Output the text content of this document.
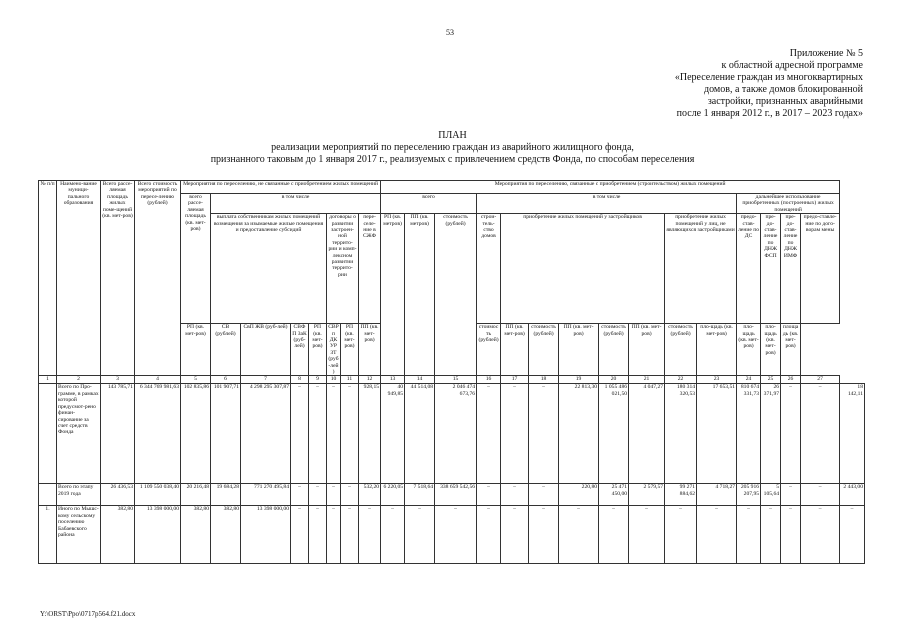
53
Приложение № 5
к областной адресной программе
«Переселение граждан из многоквартирных
домов, а также домов блокированной
застройки, признанных аварийными
после 1 января 2012 г., в 2017 – 2023 годах»
ПЛАН
реализации мероприятий по переселению граждан из аварийного жилищного фонда,
признанного таковым до 1 января 2017 г., реализуемых с привлечением средств Фонда, по способам переселения
№ п/п	Наимено-вание муници-пального образования	Всего рассе-ляемая площадь жилых поме-щений (кв. мет-ров)	Всего стоимость мероприятий по пересе-лению (рублей)	Мероприятия по переселению, не связанные с приобретением жилых помещений								Мероприятия по переселению, связанные с приобретением (строительством) жилых помещений															
				всего рассе-ляемая площадь (кв. мет-ров)	в том числе							всего			в том числе								дальнейшее использование приобретенных (построенных) жилых помещений				
					выплата собственникам жилых помещений возмещения за изымаемые жилые помещения и предоставление субсидий				договоры о развитии застроен-ной террито-рии и комп-лексном развитии террито-рии		пере-селе-ние в СЖФ	РП (кв. метров)	ПП (кв. метров)	стоимость (рублей)	строи-тель-ство домов	приобретение жилых помещений у застройщиков					приобретение жилых помещений у лиц, не являющихся застройщиками		предо-став-ление по ДС	пре-до-став-ление по ДНЖ ФСП	пре-до-став-ление по ДНЖ ИМФ	предо-ставле-ние по дого-ворам мены	

				РП (кв. мет-ров)	СВ (рублей)	СвП ЖВ (руб-лей)	СВФП ЗаК (руб-лей)	РП (кв. мет-ров)	СВРп ДКУР ЗТ (руб-лей)	РП (кв. мет-ров)	ПП (кв. мет-ров)				стоимость (рублей)	ПП (кв. мет-ров)	стоимость (рублей)	ПП (кв. мет-ров)	стоимость (рублей)	ПП (кв. мет-ров)	стоимость (рублей)	пло-щадь (кв. мет-ров)	пло-щадь (кв. мет-ров)	пло-щадь (кв. мет-ров)	площадь (кв. мет-ров)		
1	2	3	4	5	6	7	8	9	10	11	12	13	14	15	16	17	18	19	20	21	22	23	24	25	26	27	
	Всего по Про-грамме, в рамках которой предусмот-рено финан-сирование за счет средств Фонда	143 785,71	6 344 769 981,63	102 835,86	101 907,71	4 298 295 307,87	–	–	–	–	928,15	40 949,85	44 514,08	2 046 474 673,76	–	–	–	22 813,30	1 055 486 021,50	4 047,27	180 314 320,53	17 653,51	810 674 331,73	26 371,97	–	–	18 142,11
	Всего по этапу 2019 года	26 436,53	1 109 550 038,40	20 216,48	19 684,28	771 270 495,84	–	–	–	–	532,20	6 220,05	7 518,64	338 659 542,56	–	–	–	220,80	25 471 450,00	2 579,57	99 271 884,62	4 718,27	205 916 207,95	5 105,64	–	–	2 443,00
1.	Иного по Мышс-кому сельскому поселению Бабаевского района	382,80	13 398 000,00	382,80	382,80	13 398 000,00	–	–	–	–	–	–	–	–	–	–	–	–	–	–	–	–	–	–	–	–	–
Y:\ORST\Ppo\0717p564.f21.docx
